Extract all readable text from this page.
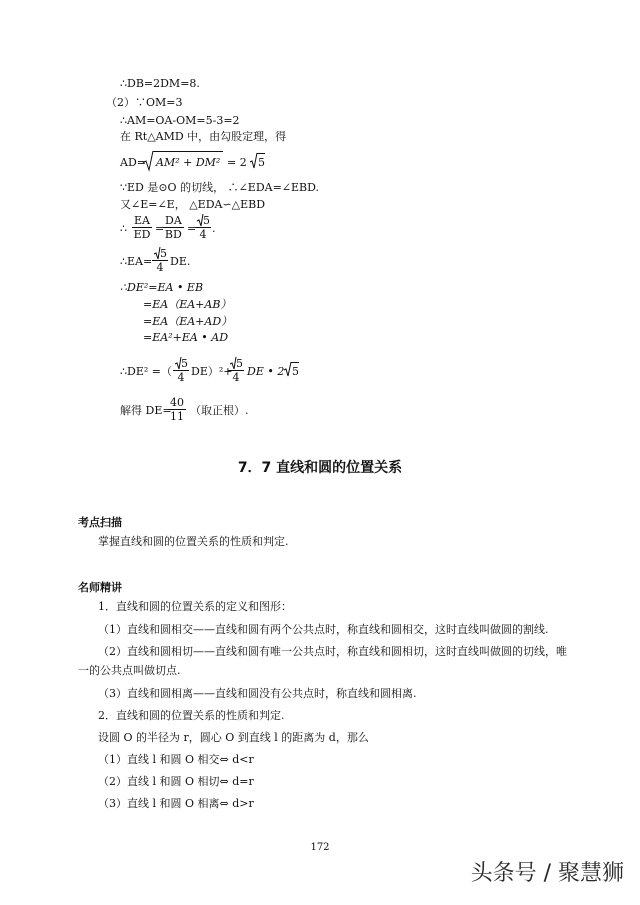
∴DB=2DM=8.
（2）∵OM=3
∴AM=OA-OM=5-3=2
在 Rt△AMD 中，由勾股定理，得
AD= AM² + DM² = 2 5
∵ED 是⊙O 的切线， ∴∠EDA=∠EBD.
又∠E=∠E， △EDA∽△EBD
∴ $\frac{EA}{ED}$ =
$\frac{DA}{BD}$ =
$\frac{5}{4}$ .
∴EA= $\frac{5}{4}$ DE.
∴DE²=EA • EB
=EA（EA+AB）
=EA（EA+AD）
=EA²+EA • AD
∴DE² =（ $\frac{5}{4} DE)^2+$
$\frac{5}{4}$ DE • 2 5
解得 DE=
$\frac{40}{11}$ （取正根）.
7．7 直线和圆的位置关系
考点扫描
掌握直线和圆的位置关系的性质和判定.
名师精讲
1．直线和圆的位置关系的定义和图形：
（1）直线和圆相交——直线和圆有两个公共点时，称直线和圆相交，这时直线叫做圆的割线.
（2）直线和圆相切——直线和圆有唯一公共点时，称直线和圆相切，这时直线叫做圆的切线，唯
一的公共点叫做切点.
（3）直线和圆相离——直线和圆没有公共点时，称直线和圆相离.
2．直线和圆的位置关系的性质和判定.
设圆 O 的半径为 r，圆心 O 到直线 l 的距离为 d，那么
（1）直线 l 和圆 O 相交⇔ d<r
（2）直线 l 和圆 O 相切⇔ d=r
（3）直线 l 和圆 O 相离⇔ d>r
172
头条号 / 聚慧狮
